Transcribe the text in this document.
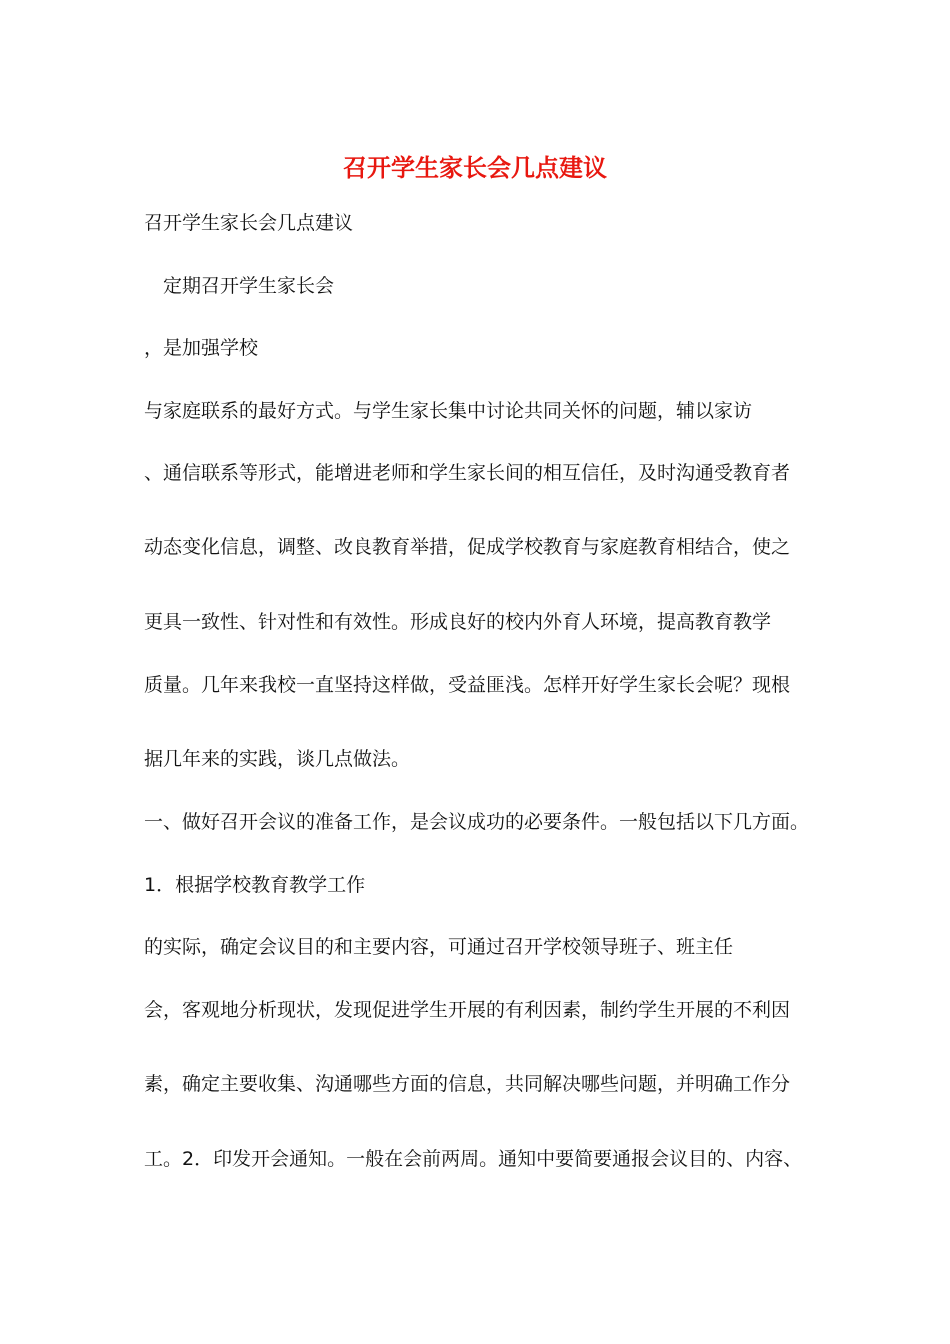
召开学生家长会几点建议
召开学生家长会几点建议
定期召开学生家长会
，是加强学校
与家庭联系的最好方式。与学生家长集中讨论共同关怀的问题，辅以家访
、通信联系等形式，能增进老师和学生家长间的相互信任，及时沟通受教育者
动态变化信息，调整、改良教育举措，促成学校教育与家庭教育相结合，使之
更具一致性、针对性和有效性。形成良好的校内外育人环境，提高教育教学
质量。几年来我校一直坚持这样做，受益匪浅。怎样开好学生家长会呢？现根
据几年来的实践，谈几点做法。
一、做好召开会议的准备工作，是会议成功的必要条件。一般包括以下几方面。
1．根据学校教育教学工作
的实际，确定会议目的和主要内容，可通过召开学校领导班子、班主任
会，客观地分析现状，发现促进学生开展的有利因素，制约学生开展的不利因
素，确定主要收集、沟通哪些方面的信息，共同解决哪些问题，并明确工作分
工。2．印发开会通知。一般在会前两周。通知中要简要通报会议目的、内容、
